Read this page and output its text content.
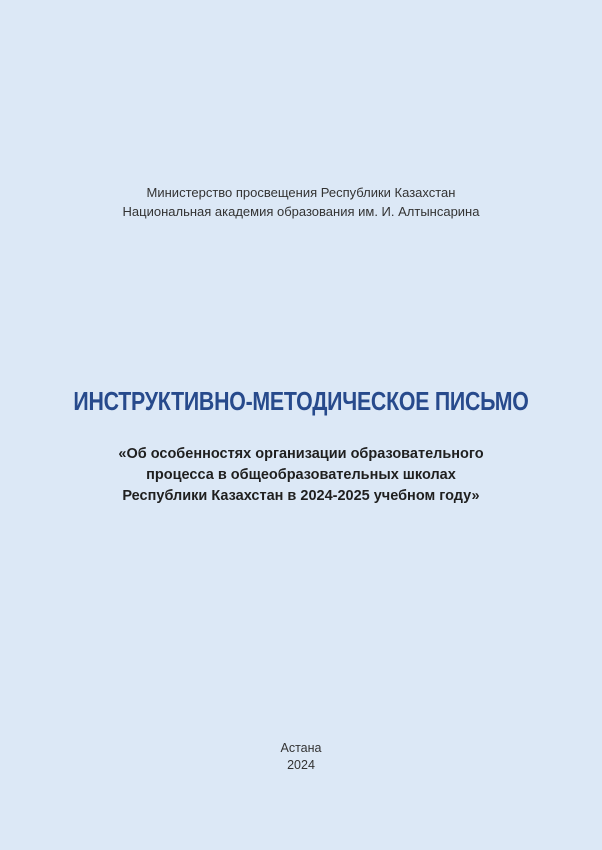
Министерство просвещения Республики Казахстан
Национальная академия образования им. И. Алтынсарина
ИНСТРУКТИВНО-МЕТОДИЧЕСКОЕ ПИСЬМО
«Об особенностях организации образовательного
процесса в общеобразовательных школах
Республики Казахстан в 2024-2025 учебном году»
Астана
2024
